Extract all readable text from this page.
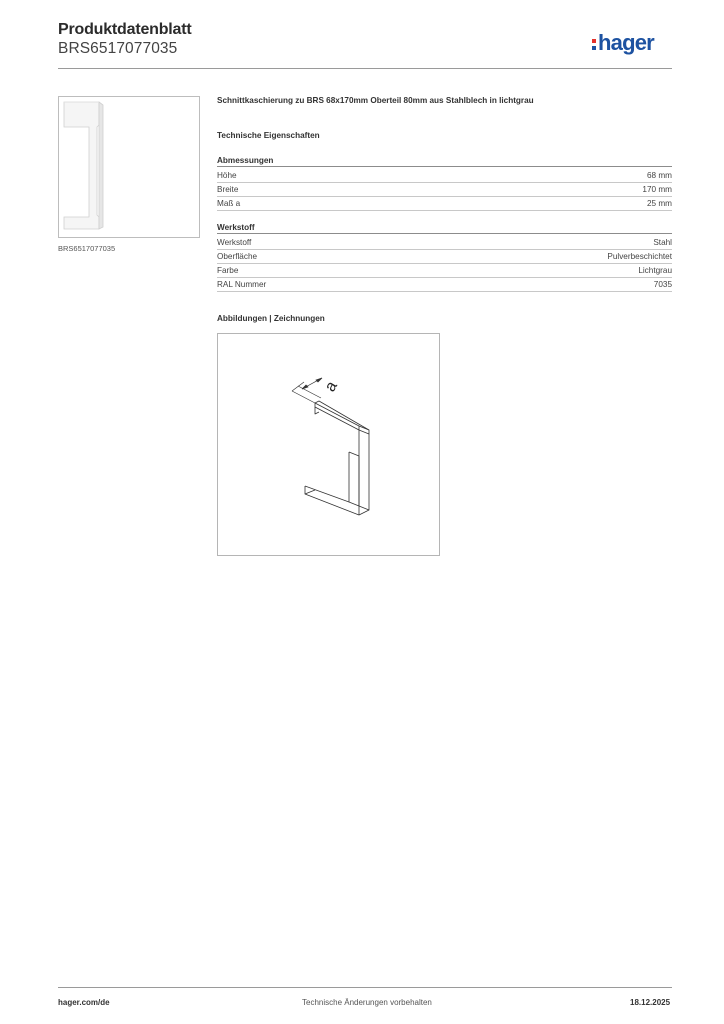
Produktdatenblatt
BRS6517077035	hager
BRS6517077035
Schnittkaschierung zu BRS 68x170mm Oberteil 80mm aus Stahlblech in lichtgrau
Technische Eigenschaften
Abmessungen
Höhe	68 mm
Breite	170 mm
Maß a	25 mm
Werkstoff
Werkstoff	Stahl
Oberfläche	Pulverbeschichtet
Farbe	Lichtgrau
RAL Nummer	7035
Abbildungen | Zeichnungen
a
hager.com/de	Technische Änderungen vorbehalten	18.12.2025
